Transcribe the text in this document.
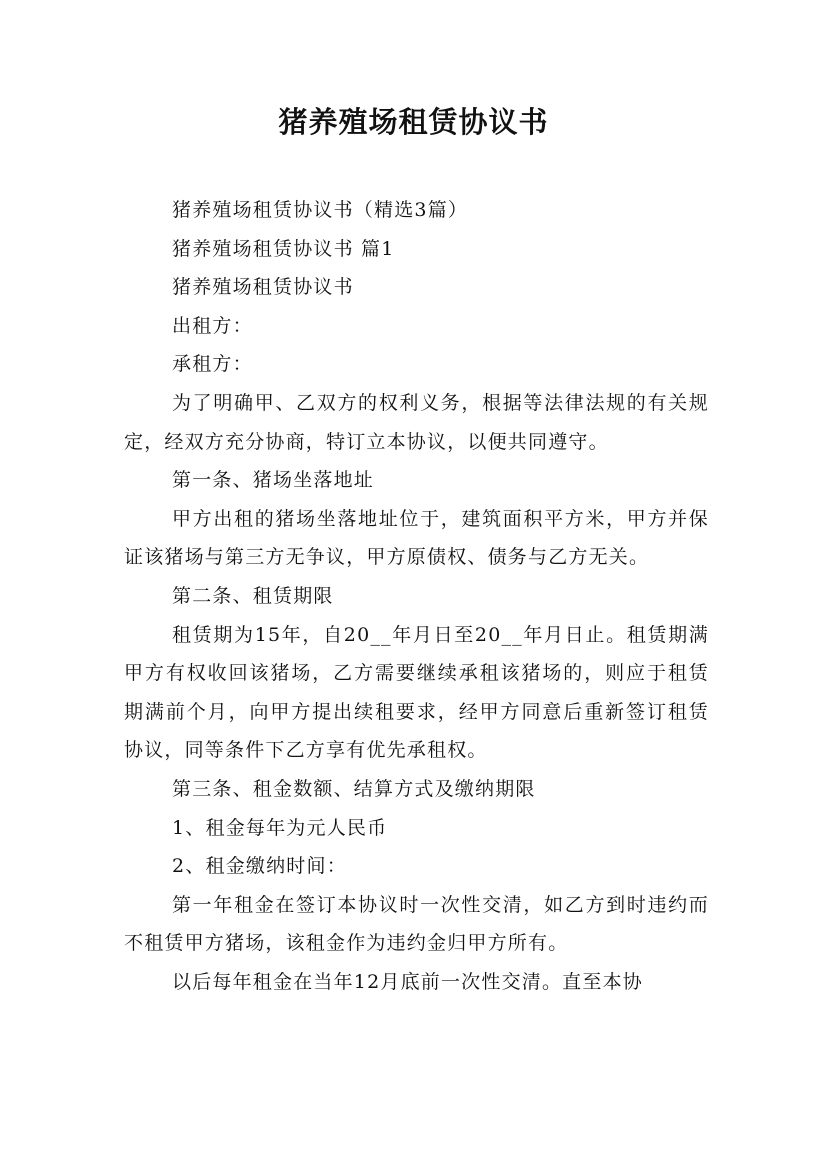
猪养殖场租赁协议书

猪养殖场租赁协议书（精选3篇）

猪养殖场租赁协议书 篇1

猪养殖场租赁协议书

出租方：

承租方：

为了明确甲、乙双方的权利义务，根据等法律法规的有关规定，经双方充分协商，特订立本协议，以便共同遵守。

第一条、猪场坐落地址

甲方出租的猪场坐落地址位于，建筑面积平方米，甲方并保证该猪场与第三方无争议，甲方原债权、债务与乙方无关。

第二条、租赁期限

租赁期为15年，自20__年月日至20__年月日止。租赁期满甲方有权收回该猪场，乙方需要继续承租该猪场的，则应于租赁期满前个月，向甲方提出续租要求，经甲方同意后重新签订租赁协议，同等条件下乙方享有优先承租权。

第三条、租金数额、结算方式及缴纳期限

1、租金每年为元人民币

2、租金缴纳时间：

第一年租金在签订本协议时一次性交清，如乙方到时违约而不租赁甲方猪场，该租金作为违约金归甲方所有。

以后每年租金在当年12月底前一次性交清。直至本协
